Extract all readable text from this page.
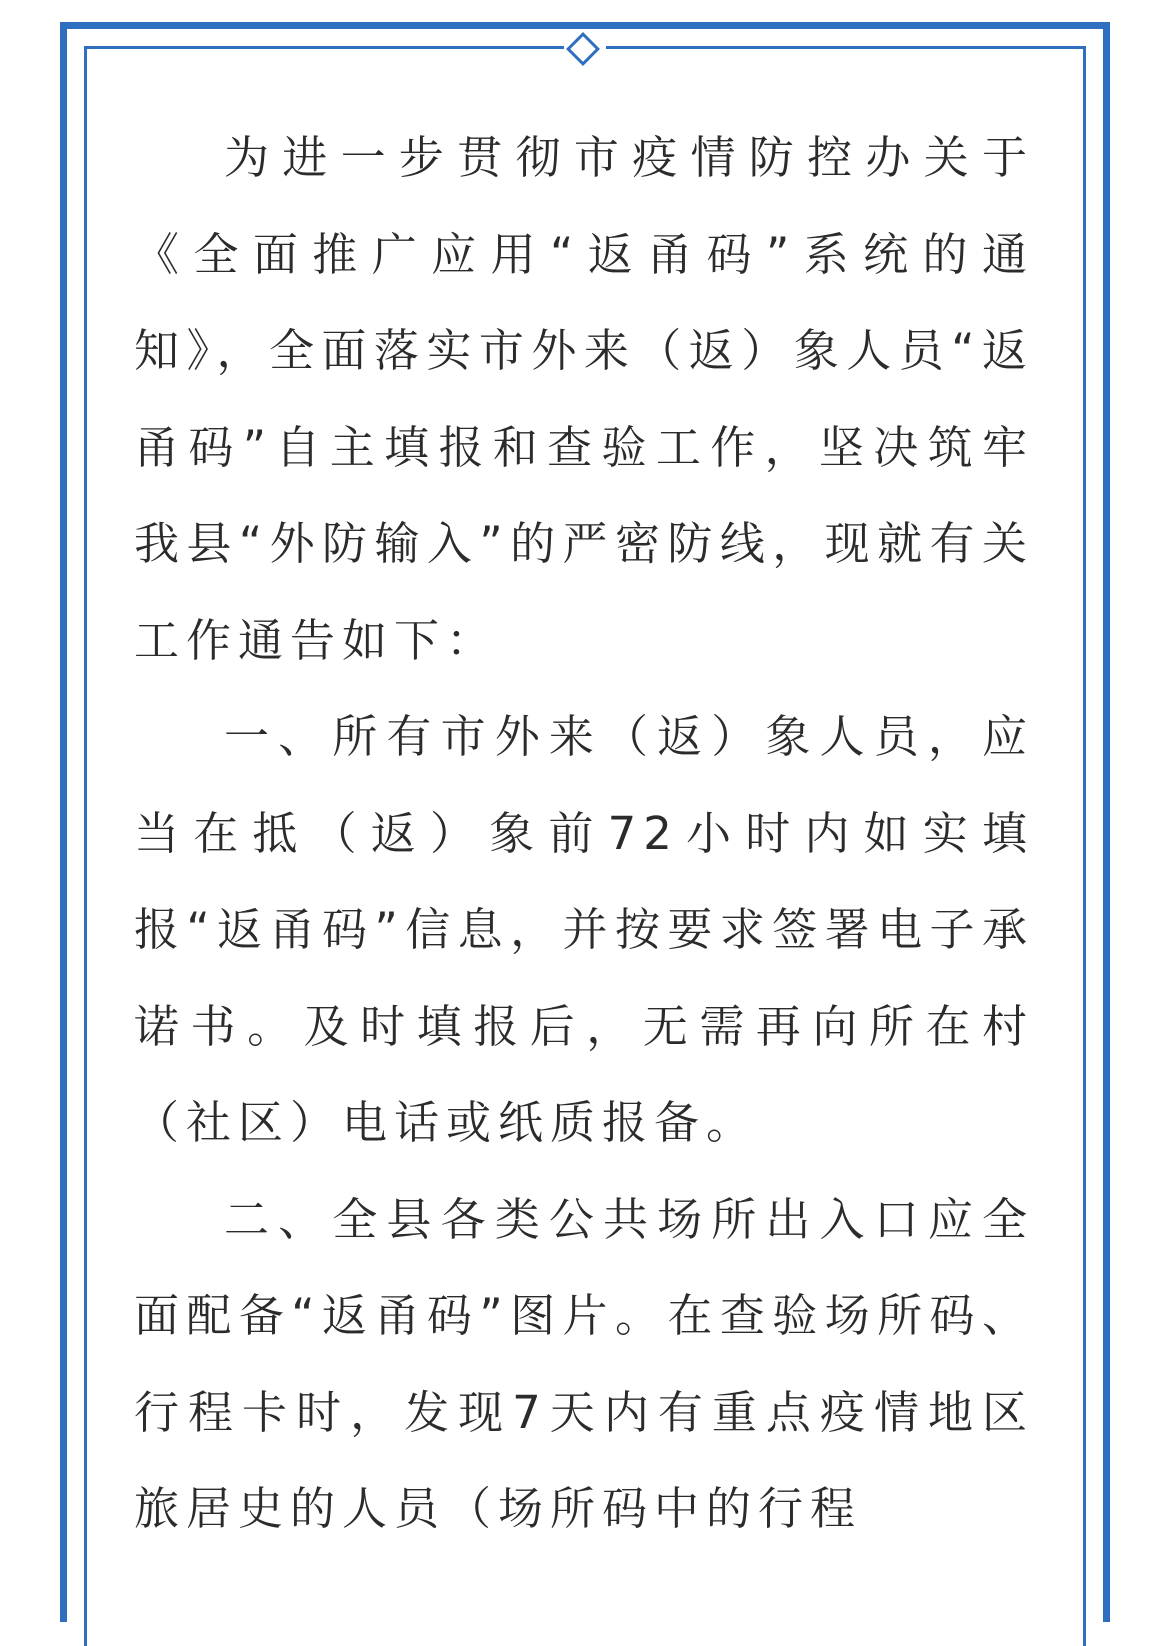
为进一步贯彻市疫情防控办关于《全面推广应用“返甬码”系统的通知》，全面落实市外来（返）象人员“返甬码”自主填报和查验工作，坚决筑牢我县“外防输入”的严密防线，现就有关工作通告如下：

一、所有市外来（返）象人员，应当在抵（返）象前72小时内如实填报“返甬码”信息，并按要求签署电子承诺书。及时填报后，无需再向所在村（社区）电话或纸质报备。

二、全县各类公共场所出入口应全面配备“返甬码”图片。在查验场所码、行程卡时，发现7天内有重点疫情地区旅居史的人员（场所码中的行程
